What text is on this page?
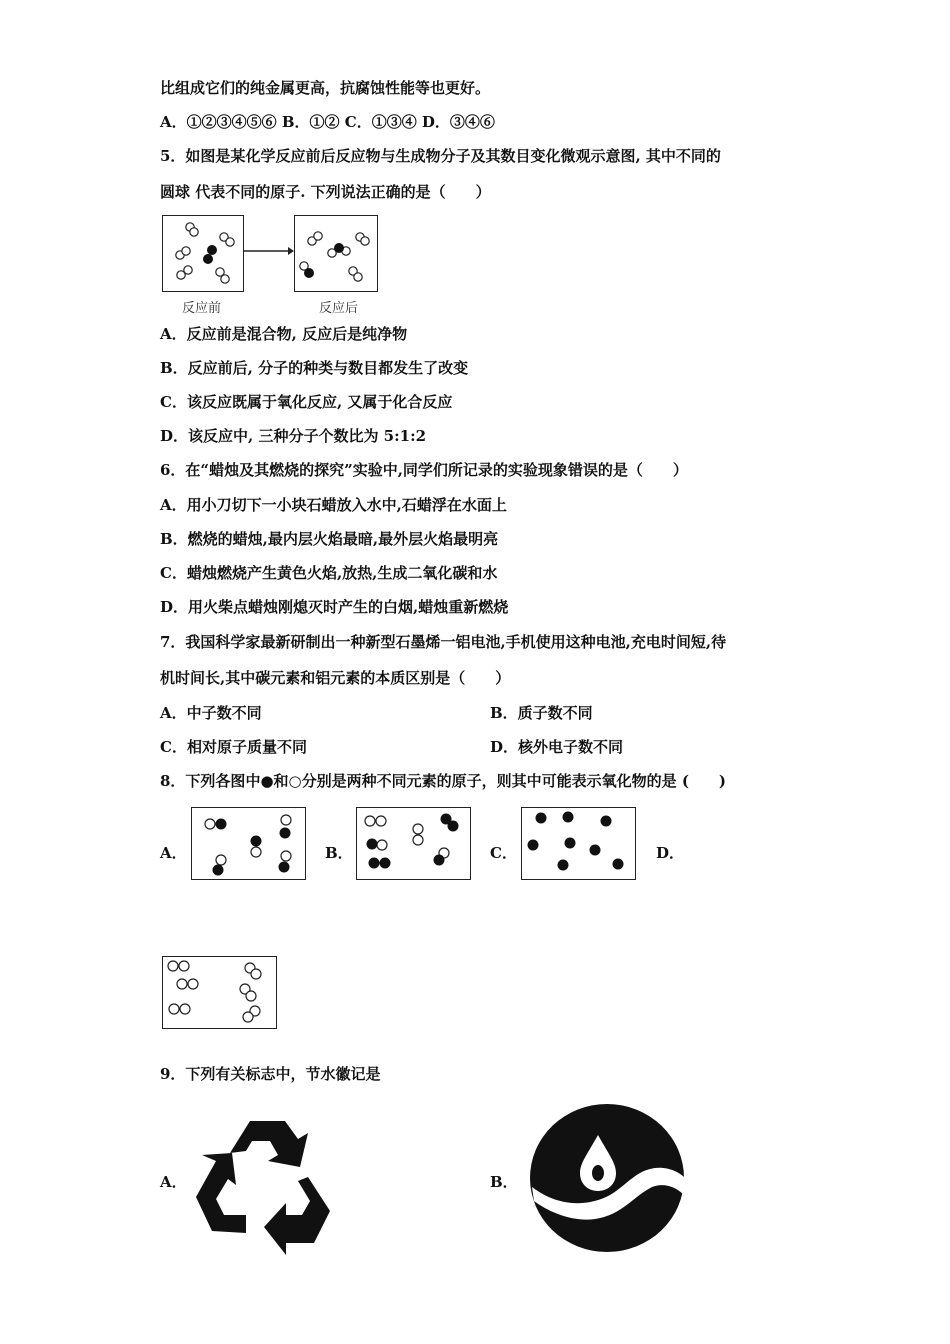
比组成它们的纯金属更高，抗腐蚀性能等也更好。
A．①②③④⑤⑥ B．①② C．①③④ D．③④⑥
5．如图是某化学反应前后反应物与生成物分子及其数目变化微观示意图, 其中不同的
圆球 代表不同的原子. 下列说法正确的是（　　）
反应前	反应后
A．反应前是混合物, 反应后是纯净物
B．反应前后, 分子的种类与数目都发生了改变
C．该反应既属于氧化反应, 又属于化合反应
D．该反应中, 三种分子个数比为 5:1:2
6．在“蜡烛及其燃烧的探究”实验中,同学们所记录的实验现象错误的是（　　）
A．用小刀切下一小块石蜡放入水中,石蜡浮在水面上
B．燃烧的蜡烛,最内层火焰最暗,最外层火焰最明亮
C．蜡烛燃烧产生黄色火焰,放热,生成二氧化碳和水
D．用火柴点蜡烛刚熄灭时产生的白烟,蜡烛重新燃烧
7．我国科学家最新研制出一种新型石墨烯一铝电池,手机使用这种电池,充电时间短,待
机时间长,其中碳元素和铝元素的本质区别是（　　）
A．中子数不同	B．质子数不同
C．相对原子质量不同	D．核外电子数不同
8．下列各图中●和○分别是两种不同元素的原子，则其中可能表示氧化物的是 (　　)
A．	B．	C．	D．
9．下列有关标志中，节水徽记是
A．	B．
